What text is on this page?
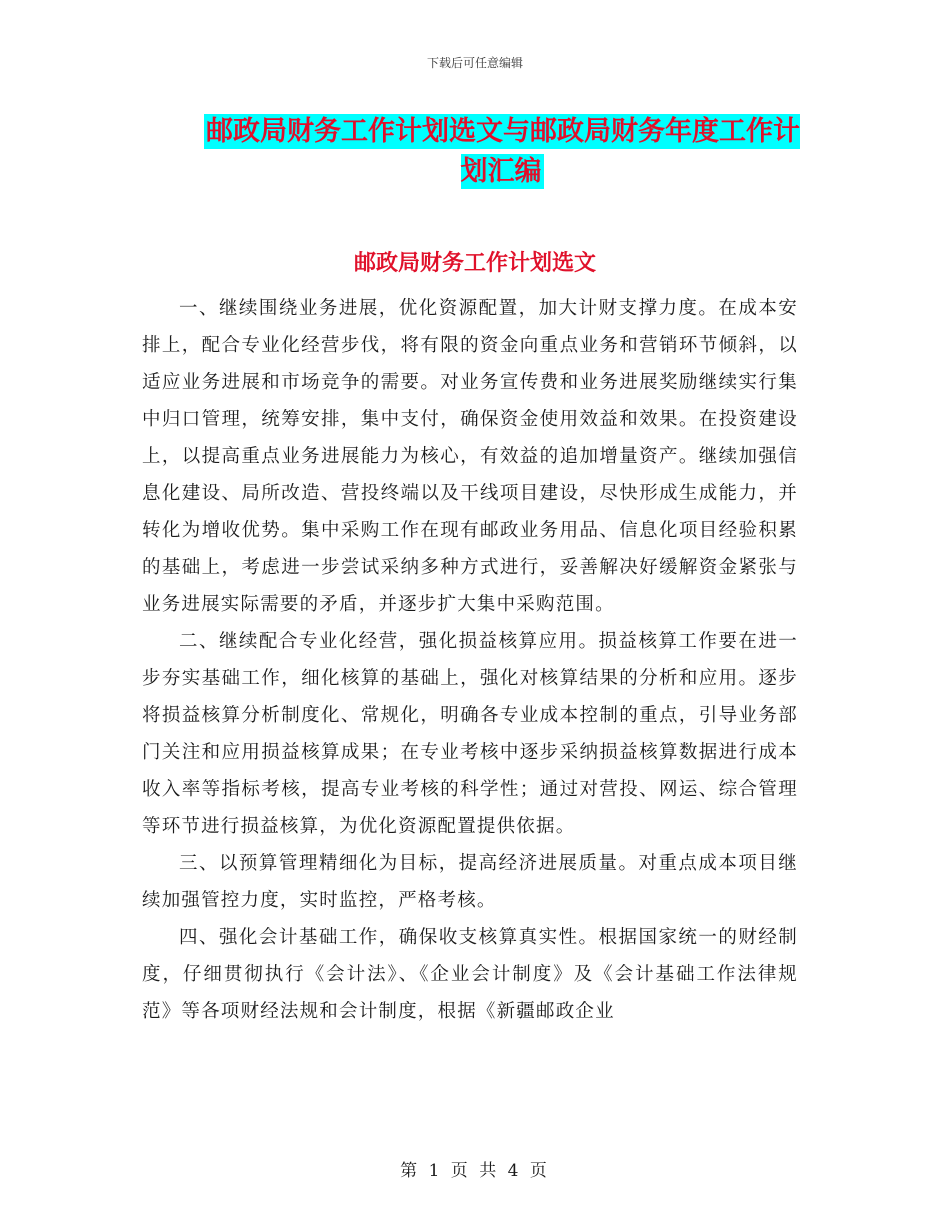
下载后可任意编辑
邮政局财务工作计划选文与邮政局财务年度工作计划汇编
邮政局财务工作计划选文

一、继续围绕业务进展，优化资源配置，加大计财支撑力度。在成本安排上，配合专业化经营步伐，将有限的资金向重点业务和营销环节倾斜，以适应业务进展和市场竞争的需要。对业务宣传费和业务进展奖励继续实行集中归口管理，统筹安排，集中支付，确保资金使用效益和效果。在投资建设上，以提高重点业务进展能力为核心，有效益的追加增量资产。继续加强信息化建设、局所改造、营投终端以及干线项目建设，尽快形成生成能力，并转化为增收优势。集中采购工作在现有邮政业务用品、信息化项目经验积累的基础上，考虑进一步尝试采纳多种方式进行，妥善解决好缓解资金紧张与业务进展实际需要的矛盾，并逐步扩大集中采购范围。

二、继续配合专业化经营，强化损益核算应用。损益核算工作要在进一步夯实基础工作，细化核算的基础上，强化对核算结果的分析和应用。逐步将损益核算分析制度化、常规化，明确各专业成本控制的重点，引导业务部门关注和应用损益核算成果；在专业考核中逐步采纳损益核算数据进行成本收入率等指标考核，提高专业考核的科学性；通过对营投、网运、综合管理等环节进行损益核算，为优化资源配置提供依据。

三、以预算管理精细化为目标，提高经济进展质量。对重点成本项目继续加强管控力度，实时监控，严格考核。

四、强化会计基础工作，确保收支核算真实性。根据国家统一的财经制度，仔细贯彻执行《会计法》、《企业会计制度》及《会计基础工作法律规范》等各项财经法规和会计制度，根据《新疆邮政企业

第 1 页 共 4 页
